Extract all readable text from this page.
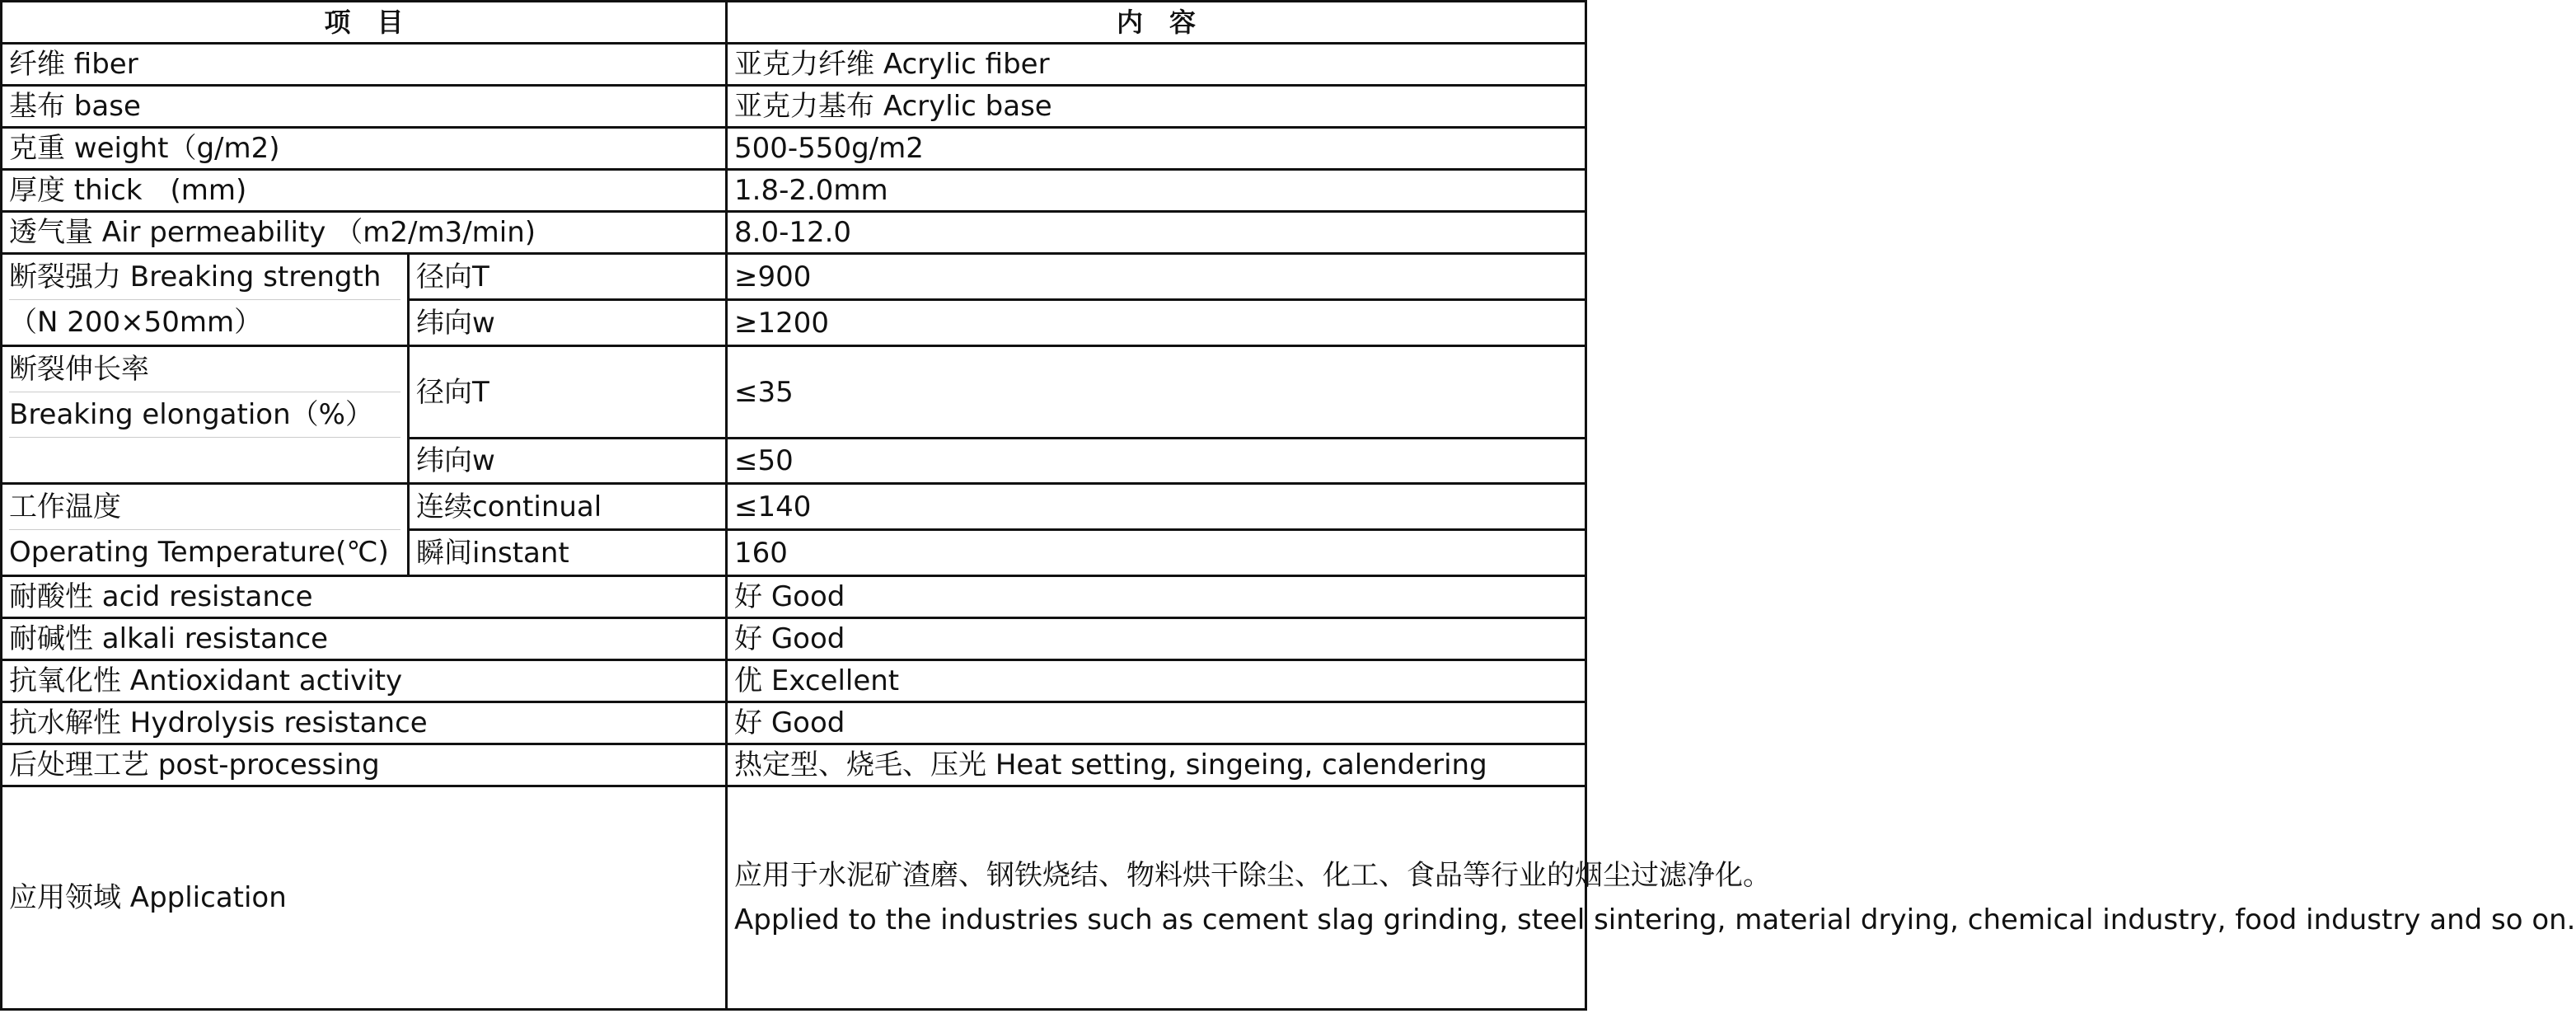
项　目		内　容
纤维 fiber		亚克力纤维 Acrylic fiber
基布 base		亚克力基布 Acrylic base
克重 weight（g/m2)		500-550g/m2
厚度 thick　(mm)		1.8-2.0mm
透气量 Air permeability （m2/m3/min)		8.0-12.0

断裂强力 Breaking strength
（N 200×50mm）	径向T	≥900
	纬向w	≥1200

断裂伸长率
Breaking elongation（%）	径向T	≤35
	纬向w	≤50

工作温度
Operating Temperature(℃)	连续continual	≤140
	瞬间instant	160
耐酸性 acid resistance		好 Good
耐碱性 alkali resistance		好 Good
抗氧化性 Antioxidant activity		优 Excellent
抗水解性 Hydrolysis resistance		好 Good
后处理工艺 post-processing		热定型、烧毛、压光 Heat setting, singeing, calendering
应用领域 Application		应用于水泥矿渣磨、钢铁烧结、物料烘干除尘、化工、食品等行业的烟尘过滤净化。
Applied to the industries such as cement slag grinding, steel sintering, material drying, chemical industry, food industry and so on.
